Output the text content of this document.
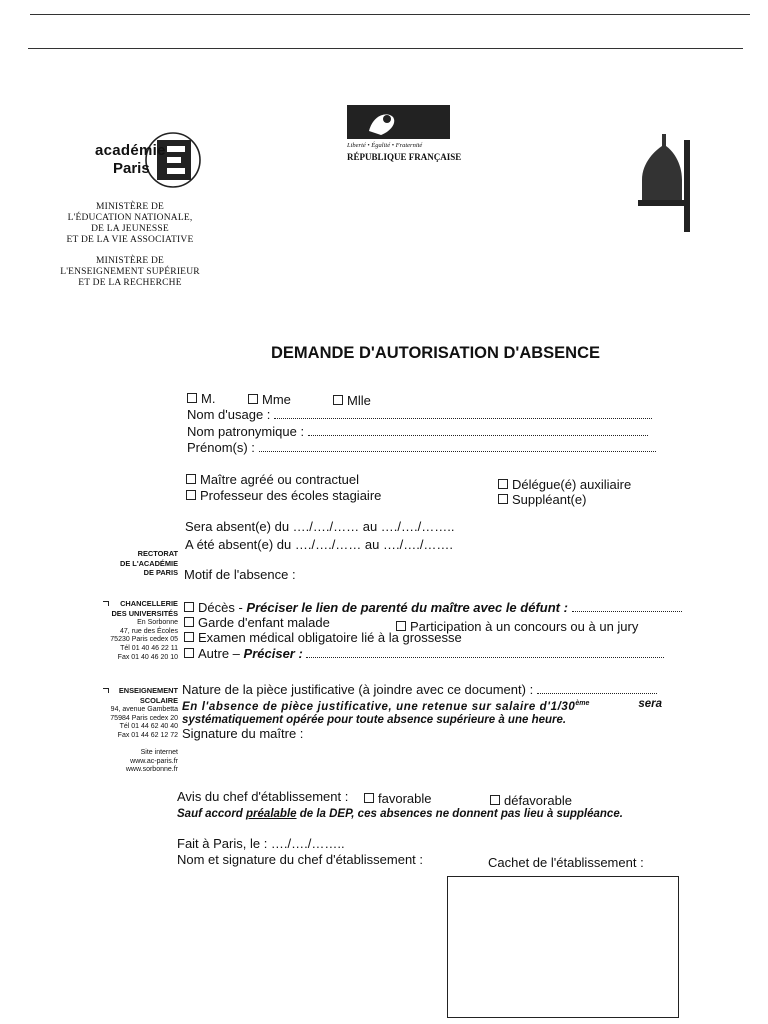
académie
Paris
MINISTÈRE DE
L'ÉDUCATION NATIONALE,
DE LA JEUNESSE
ET DE LA VIE ASSOCIATIVE
MINISTÈRE DE
L'ENSEIGNEMENT SUPÉRIEUR
ET DE LA RECHERCHE
Liberté • Égalité • Fraternité
RÉPUBLIQUE FRANÇAISE
DEMANDE D'AUTORISATION D'ABSENCE
M.	Mme	Mlle
Nom d'usage :
Nom patronymique :
Prénom(s) :
Maître agréé ou contractuel
Professeur des écoles stagiaire
Délégue(é) auxiliaire
Suppléant(e)
Sera absent(e) du …./…./…… au …./…./……..
A été absent(e) du …./…./…… au …./…./…….
RECTORAT
DE L'ACADÉMIE
DE PARIS Motif de l'absence :
CHANCELLERIE
DES UNIVERSITÉS
En Sorbonne
47, rue des Écoles
75230 Paris cedex 05
Tél 01 40 46 22 11
Fax 01 40 46 20 10
Décès - Préciser le lien de parenté du maître avec le défunt :
Garde d'enfant malade	Participation à un concours ou à un jury
Examen médical obligatoire lié à la grossesse
Autre – Préciser :
ENSEIGNEMENT
SCOLAIRE
94, avenue Gambetta
75984 Paris cedex 20
Tél 01 44 62 40 40
Fax 01 44 62 12 72

Site internet
www.ac-paris.fr
www.sorbonne.fr
Nature de la pièce justificative (à joindre avec ce document) :
En l'absence de pièce justificative, une retenue sur salaire d'1/30ème	sera
systématiquement opérée pour toute absence supérieure à une heure.
Signature du maître :
Avis du chef d'établissement :	favorable	défavorable
Sauf accord préalable de la DEP, ces absences ne donnent pas lieu à suppléance.
Fait à Paris, le : …./…./……..
Nom et signature du chef d'établissement :	Cachet de l'établissement :
